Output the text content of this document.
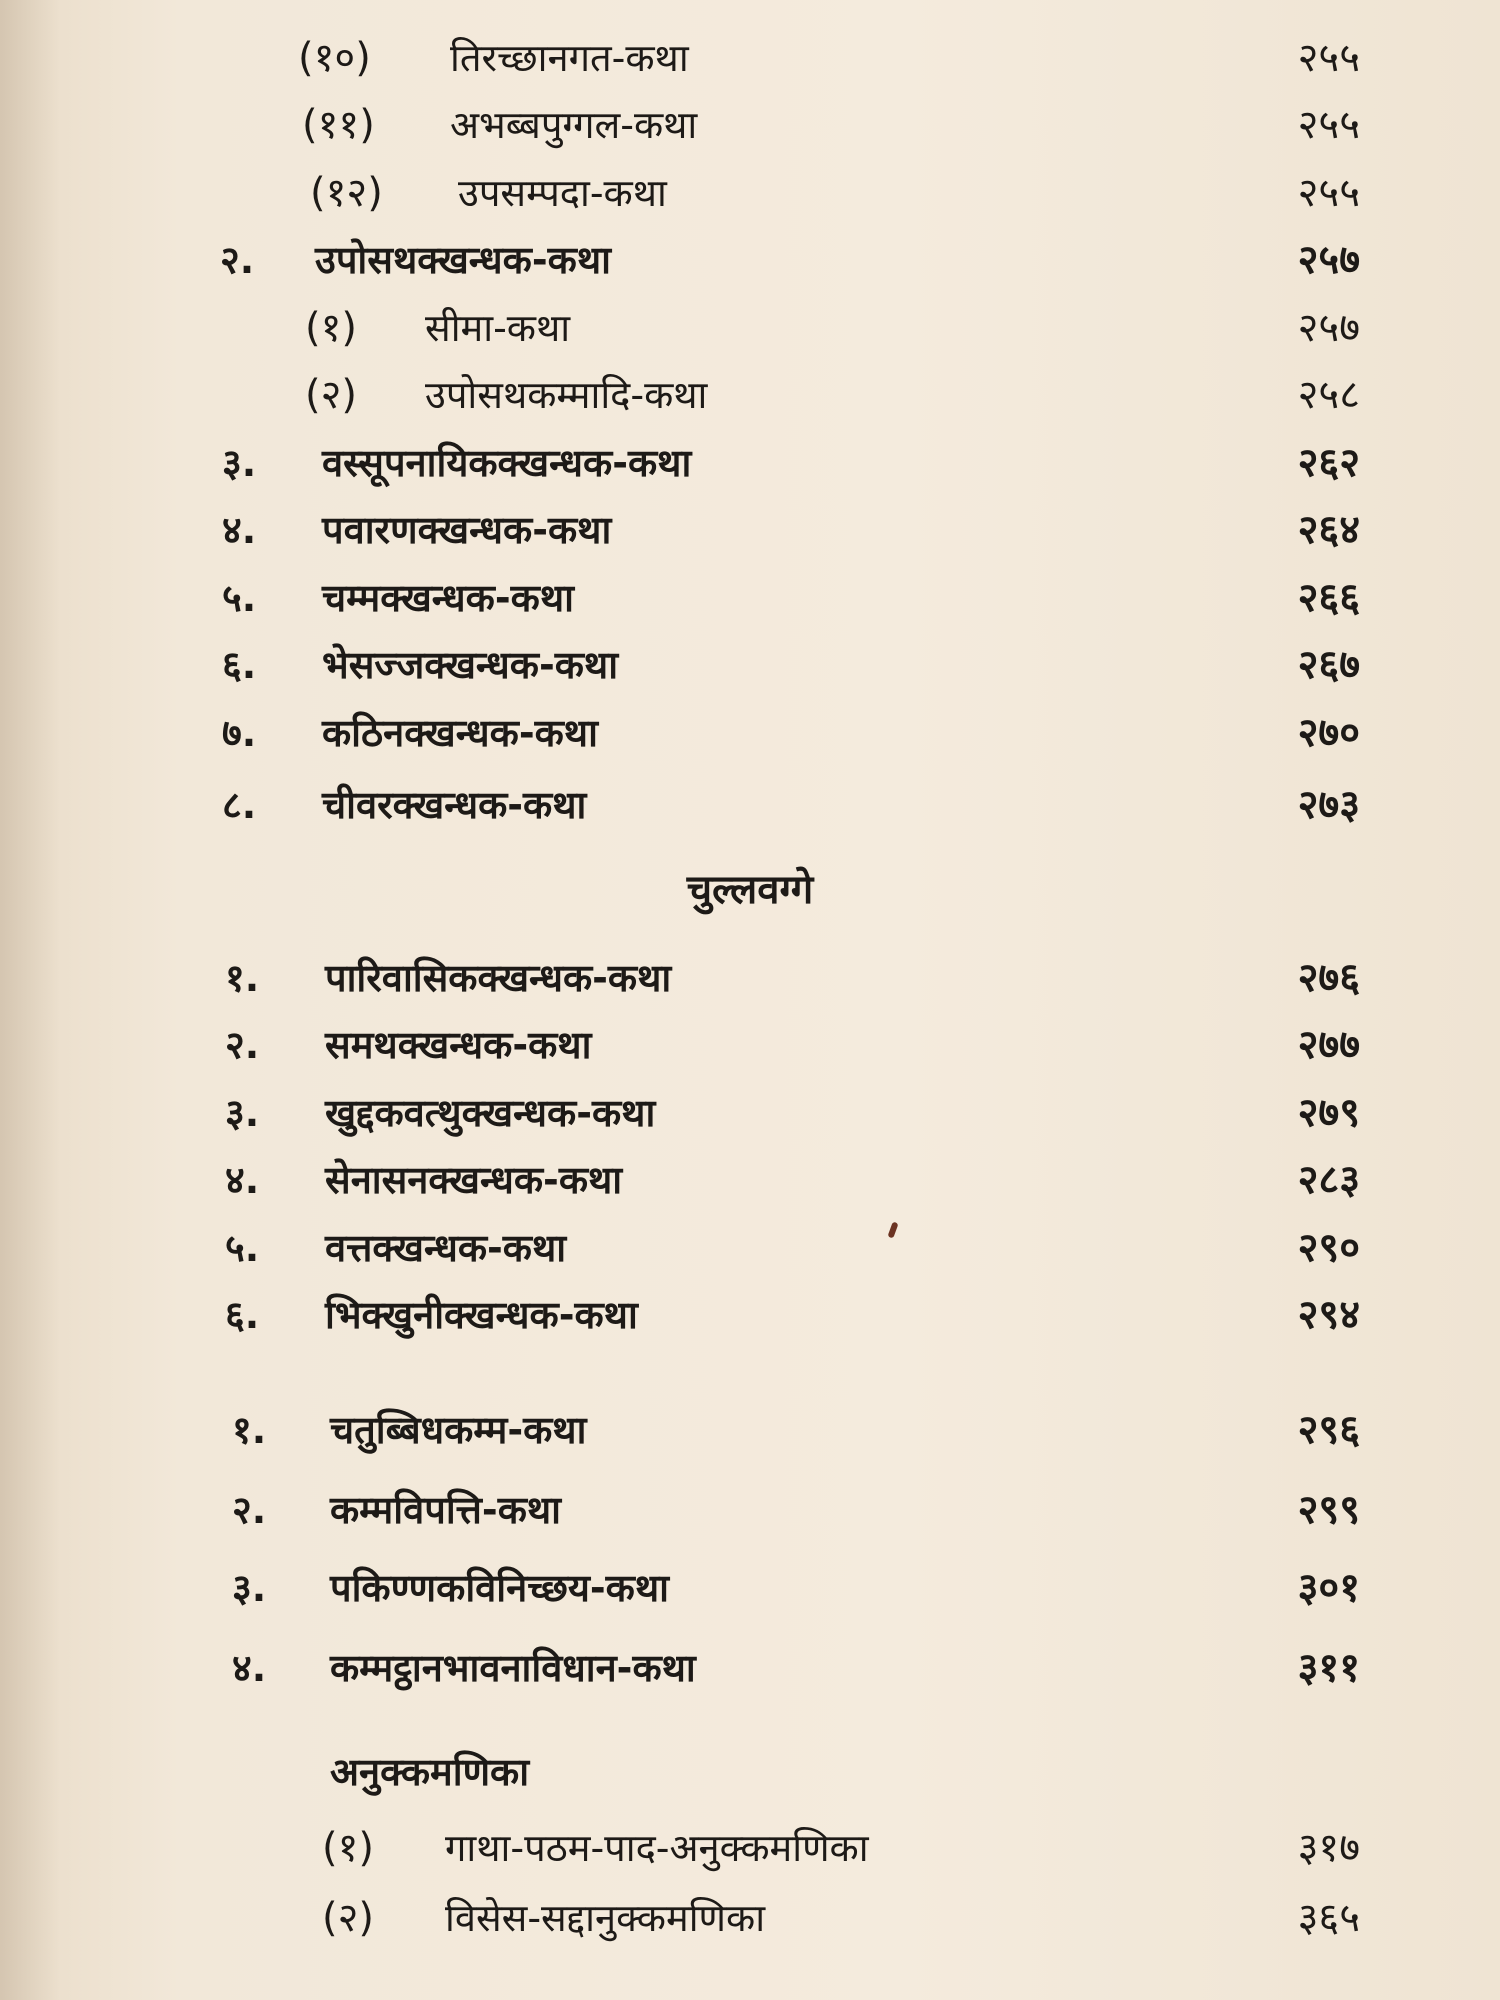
(१०) तिरच्छानगत-कथा	२५५
(११) अभब्बपुग्गल-कथा	२५५
(१२) उपसम्पदा-कथा	२५५
२. उपोसथक्खन्धक-कथा	२५७
(१) सीमा-कथा	२५७
(२) उपोसथकम्मादि-कथा	२५८
३. वस्सूपनायिकक्खन्धक-कथा	२६२
४. पवारणक्खन्धक-कथा	२६४
५. चम्मक्खन्धक-कथा	२६६
६. भेसज्जक्खन्धक-कथा	२६७
७. कठिनक्खन्धक-कथा	२७०
८. चीवरक्खन्धक-कथा	२७३
चुल्लवग्गे
१. पारिवासिकक्खन्धक-कथा	२७६
२. समथक्खन्धक-कथा	२७७
३. खुद्दकवत्थुक्खन्धक-कथा	२७९
४. सेनासनक्खन्धक-कथा	२८३
५. वत्तक्खन्धक-कथा	२९०
६. भिक्खुनीक्खन्धक-कथा	२९४
१. चतुब्बिधकम्म-कथा	२९६
२. कम्मविपत्ति-कथा	२९९
३. पकिण्णकविनिच्छय-कथा	३०१
४. कम्मट्ठानभावनाविधान-कथा	३११
अनुक्कमणिका
(१) गाथा-पठम-पाद-अनुक्कमणिका	३१७
(२) विसेस-सद्दानुक्कमणिका	३६५
